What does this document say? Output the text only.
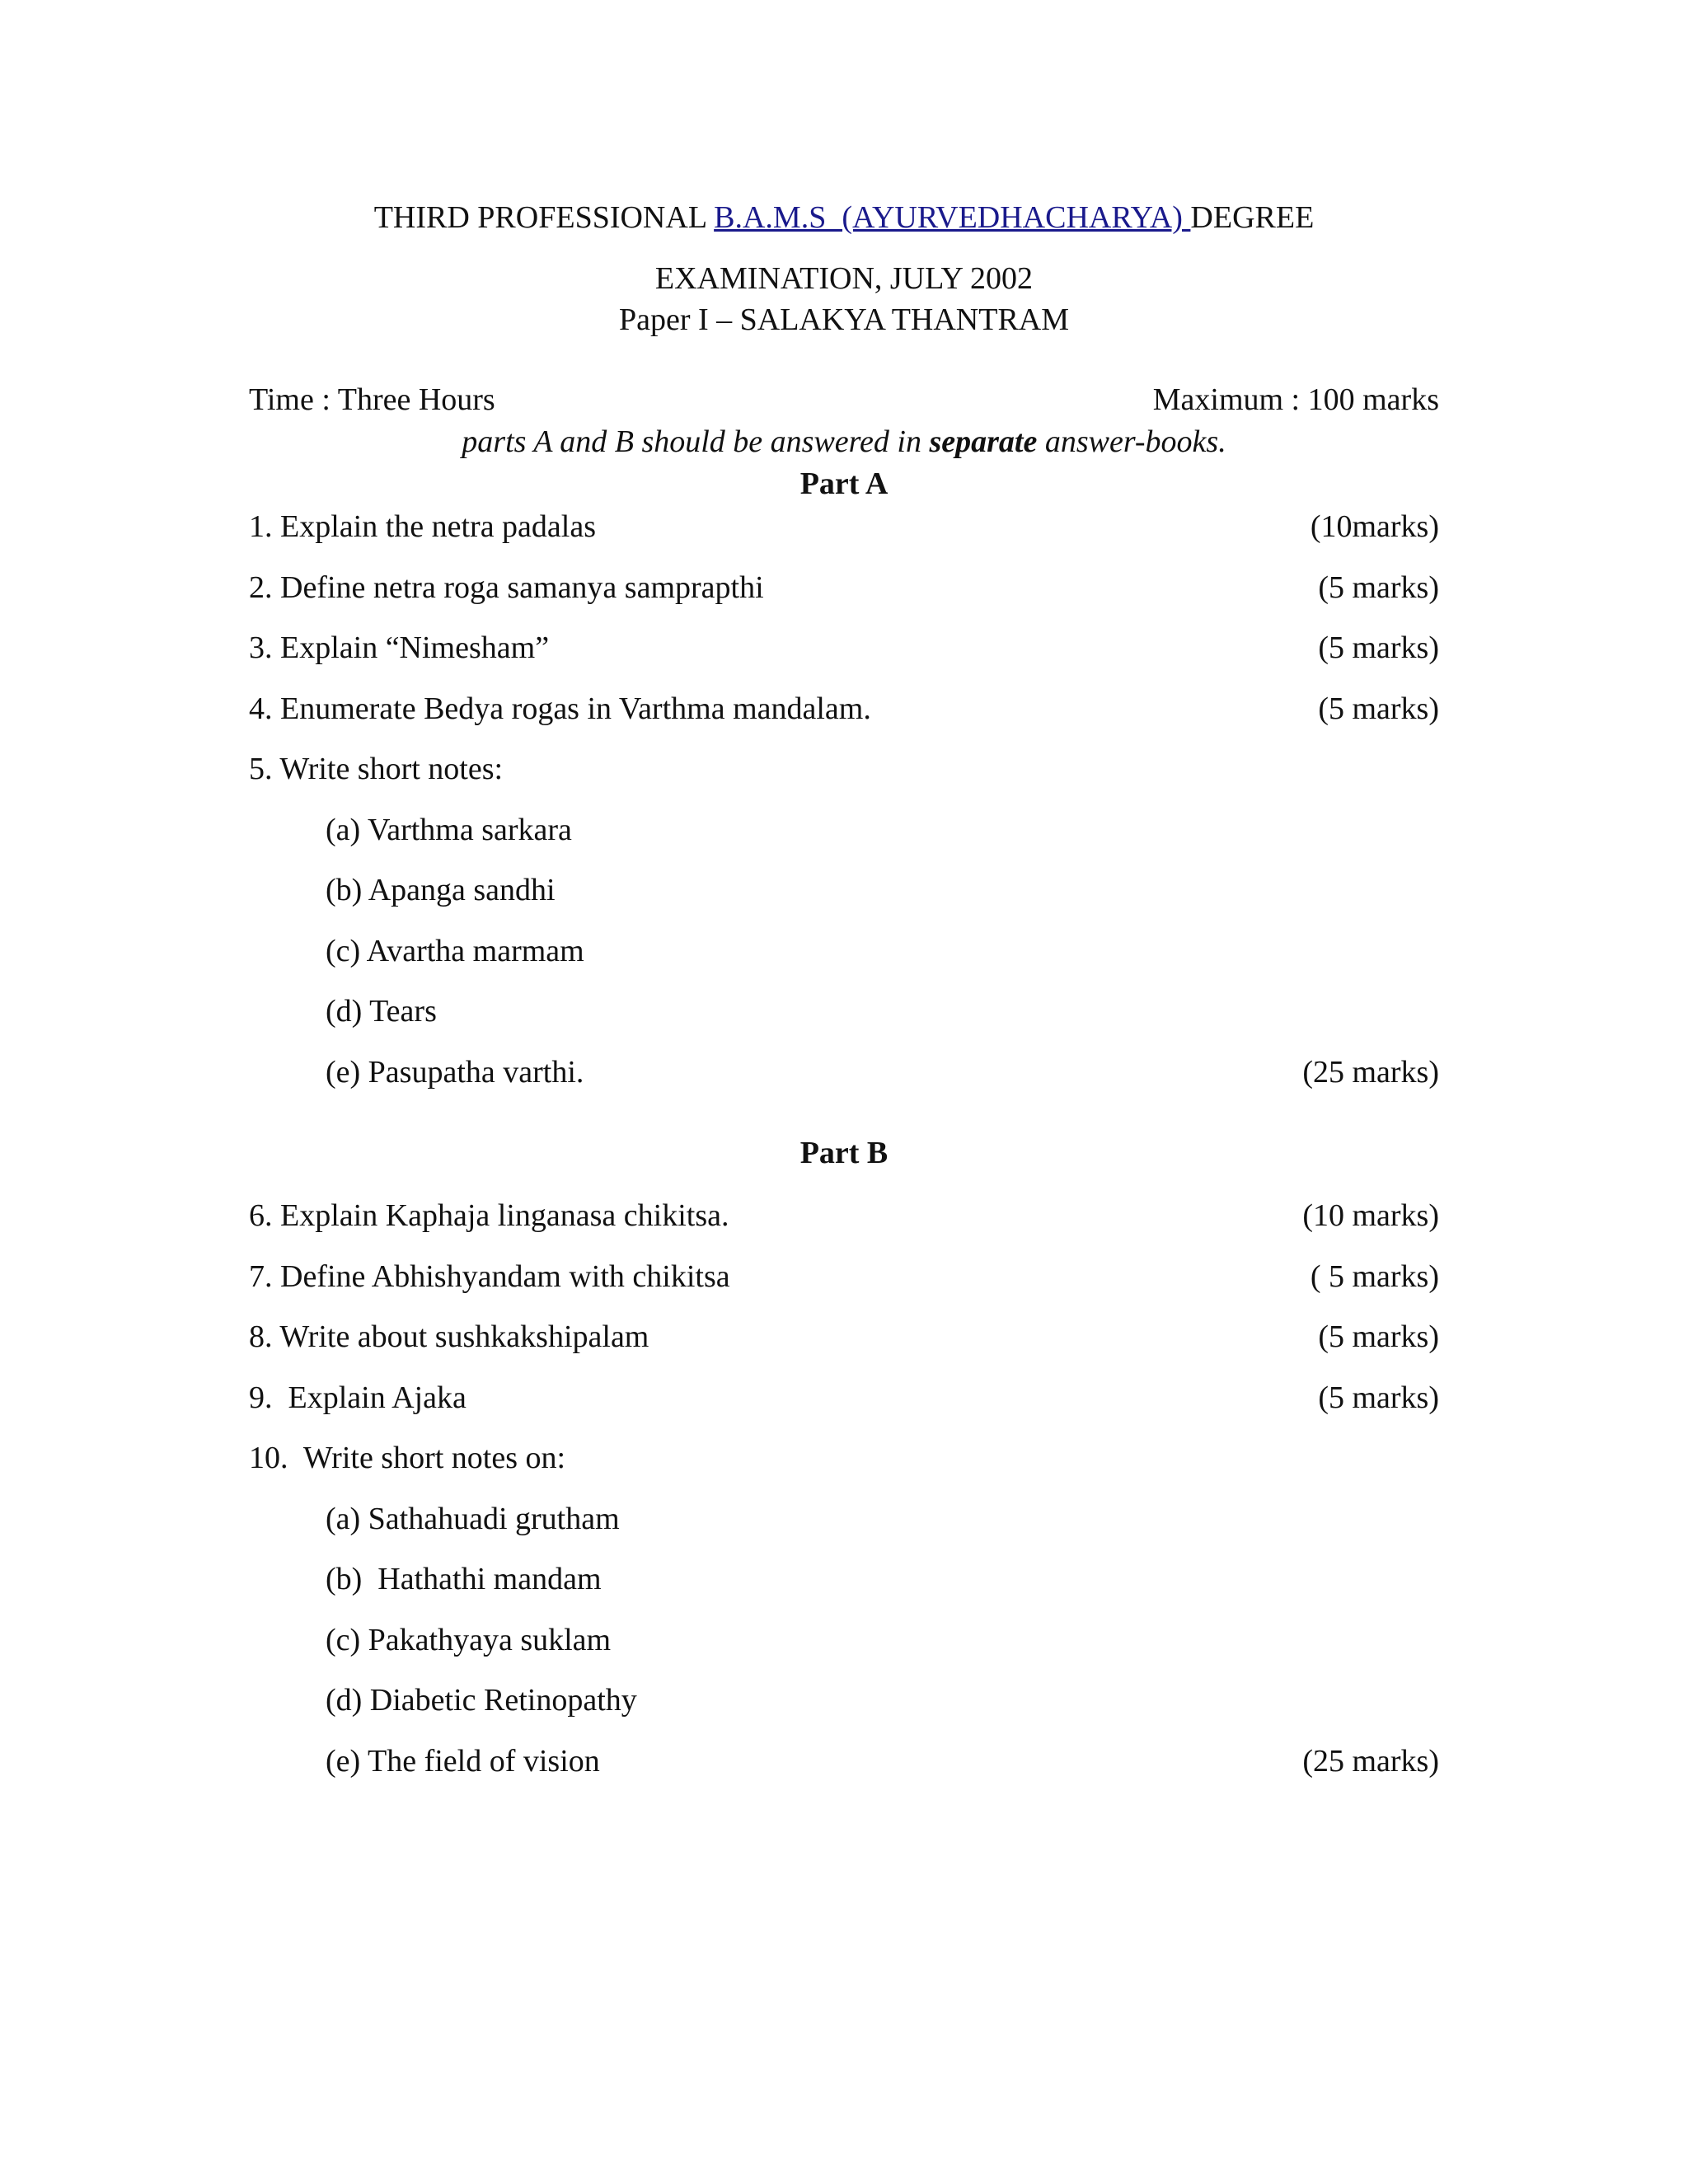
THIRD PROFESSIONAL B.A.M.S  (AYURVEDHACHARYA) DEGREE
EXAMINATION, JULY 2002
Paper I – SALAKYA THANTRAM
Time : Three Hours	Maximum : 100 marks
parts A and B should be answered in separate answer-books.
Part A
1. Explain the netra padalas	(10marks)
2. Define netra roga samanya samprapthi	(5 marks)
3. Explain “Nimesham”	(5 marks)
4. Enumerate Bedya rogas in Varthma mandalam.	(5 marks)
5. Write short notes:
(a) Varthma sarkara
(b) Apanga sandhi
(c) Avartha marmam
(d) Tears
(e) Pasupatha varthi.	(25 marks)
Part B
6. Explain Kaphaja linganasa chikitsa.	(10 marks)
7. Define Abhishyandam with chikitsa	( 5 marks)
8. Write about sushkakshipalam	(5 marks)
9.  Explain Ajaka	(5 marks)
10. Write short notes on:
(a) Sathahuadi grutham
(b)  Hathathi mandam
(c) Pakathyaya suklam
(d) Diabetic Retinopathy
(e) The field of vision	(25 marks)
